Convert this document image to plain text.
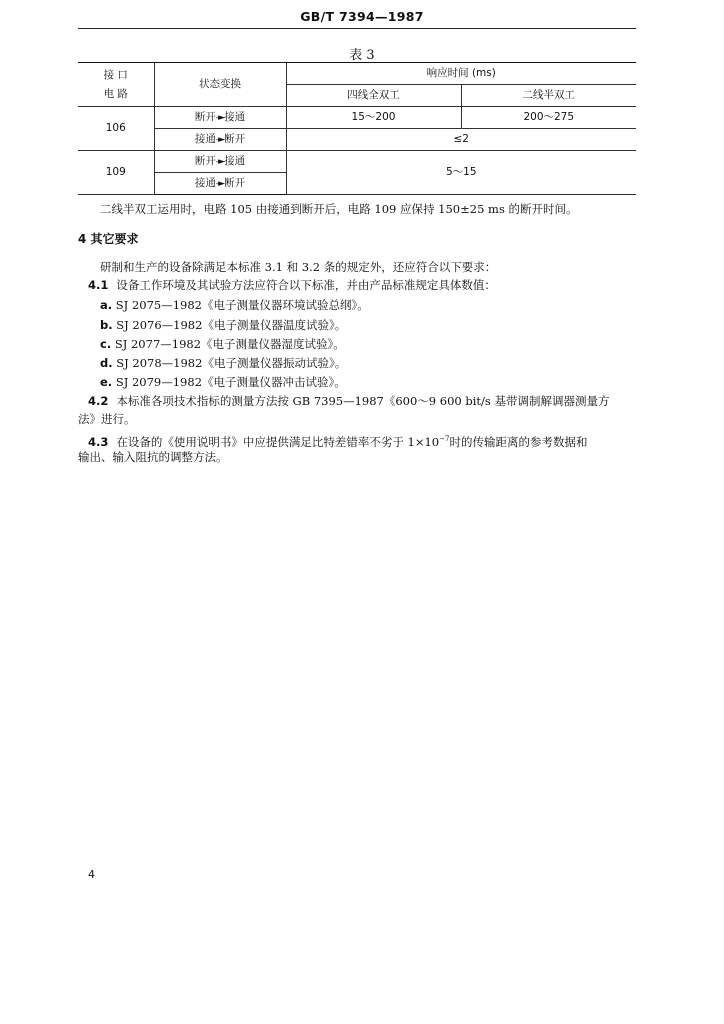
GB/T 7394—1987
表 3
接 口
电 路	状态变换	响应时间 (ms)	
		四线全双工	二线半双工
106	断开-►接通	15～200	200～275
	接通-►断开	≤2	
109	断开-►接通	5～15	
	接通-►断开		
二线半双工运用时，电路 105 由接通到断开后，电路 109 应保持 150±25 ms 的断开时间。
4 其它要求
研制和生产的设备除满足本标准 3.1 和 3.2 条的规定外，还应符合以下要求：
4.1 设备工作环境及其试验方法应符合以下标准，并由产品标准规定具体数值：
a. SJ 2075—1982《电子测量仪器环境试验总纲》。
b. SJ 2076—1982《电子测量仪器温度试验》。
c. SJ 2077—1982《电子测量仪器湿度试验》。
d. SJ 2078—1982《电子测量仪器振动试验》。
e. SJ 2079—1982《电子测量仪器冲击试验》。
4.2 本标准各项技术指标的测量方法按 GB 7395—1987《600～9 600 bit/s 基带调制解调器测量方
法》进行。
4.3 在设备的《使用说明书》中应提供满足比特差错率不劣于 $1\times 10^{-7}$时的传输距离的参考数据和
输出、输入阻抗的调整方法。
4
